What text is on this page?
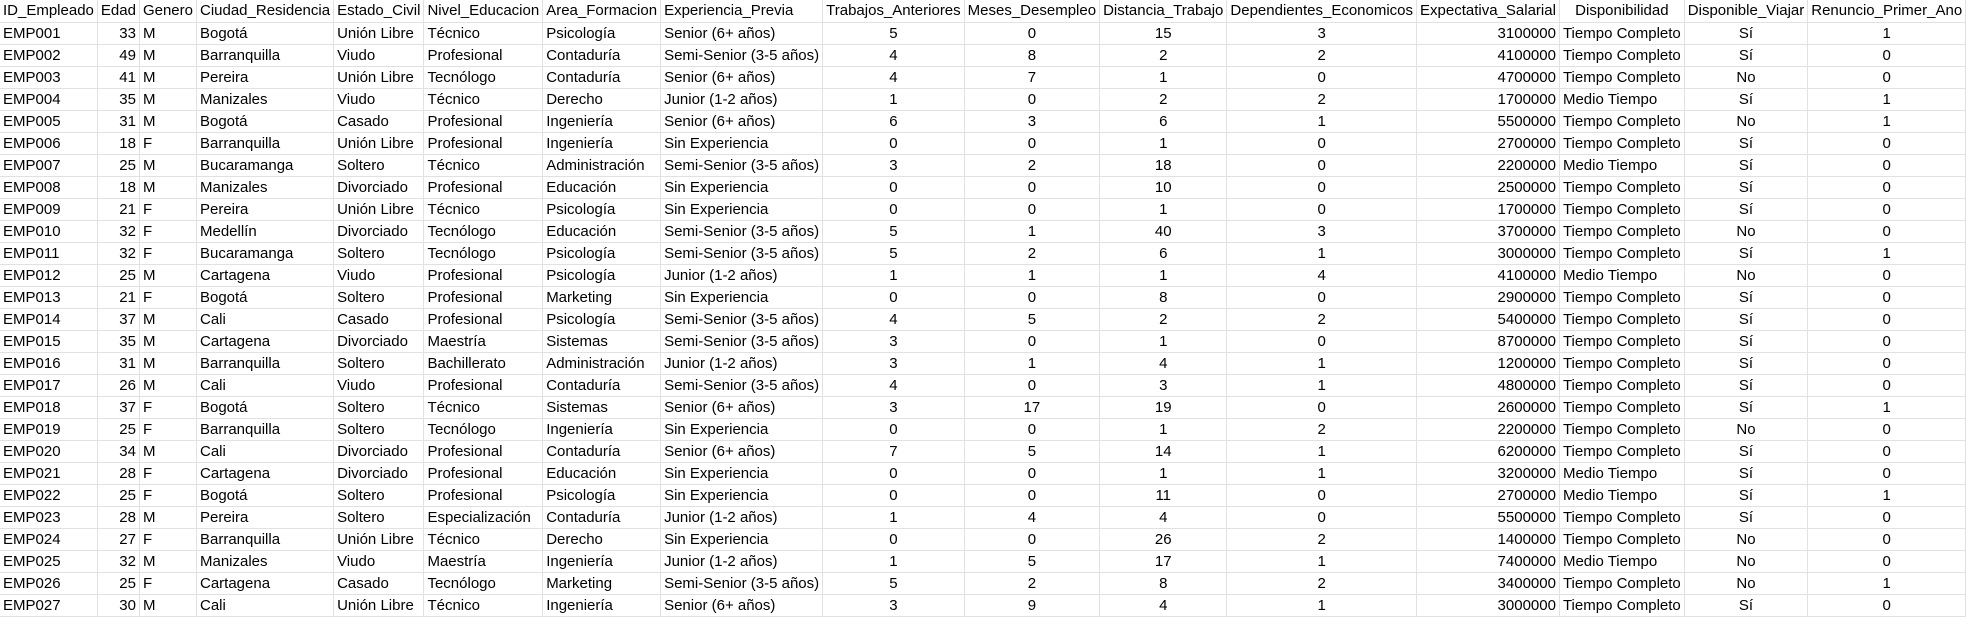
ID_Empleado	Edad	Genero	Ciudad_Residencia	Estado_Civil	Nivel_Educacion	Area_Formacion	Experiencia_Previa	Trabajos_Anteriores	Meses_Desempleo	Distancia_Trabajo	Dependientes_Economicos	Expectativa_Salarial	Disponibilidad	Disponible_Viajar	Renuncio_Primer_Ano
EMP001	33	M	Bogotá	Unión Libre	Técnico	Psicología	Senior (6+ años)	5	0	15	3	3100000	Tiempo Completo	Sí	1
EMP002	49	M	Barranquilla	Viudo	Profesional	Contaduría	Semi-Senior (3-5 años)	4	8	2	2	4100000	Tiempo Completo	Sí	0
EMP003	41	M	Pereira	Unión Libre	Tecnólogo	Contaduría	Senior (6+ años)	4	7	1	0	4700000	Tiempo Completo	No	0
EMP004	35	M	Manizales	Viudo	Técnico	Derecho	Junior (1-2 años)	1	0	2	2	1700000	Medio Tiempo	Sí	1
EMP005	31	M	Bogotá	Casado	Profesional	Ingeniería	Senior (6+ años)	6	3	6	1	5500000	Tiempo Completo	No	1
EMP006	18	F	Barranquilla	Unión Libre	Profesional	Ingeniería	Sin Experiencia	0	0	1	0	2700000	Tiempo Completo	Sí	0
EMP007	25	M	Bucaramanga	Soltero	Técnico	Administración	Semi-Senior (3-5 años)	3	2	18	0	2200000	Medio Tiempo	Sí	0
EMP008	18	M	Manizales	Divorciado	Profesional	Educación	Sin Experiencia	0	0	10	0	2500000	Tiempo Completo	Sí	0
EMP009	21	F	Pereira	Unión Libre	Técnico	Psicología	Sin Experiencia	0	0	1	0	1700000	Tiempo Completo	Sí	0
EMP010	32	F	Medellín	Divorciado	Tecnólogo	Educación	Semi-Senior (3-5 años)	5	1	40	3	3700000	Tiempo Completo	No	0
EMP011	32	F	Bucaramanga	Soltero	Tecnólogo	Psicología	Semi-Senior (3-5 años)	5	2	6	1	3000000	Tiempo Completo	Sí	1
EMP012	25	M	Cartagena	Viudo	Profesional	Psicología	Junior (1-2 años)	1	1	1	4	4100000	Medio Tiempo	No	0
EMP013	21	F	Bogotá	Soltero	Profesional	Marketing	Sin Experiencia	0	0	8	0	2900000	Tiempo Completo	Sí	0
EMP014	37	M	Cali	Casado	Profesional	Psicología	Semi-Senior (3-5 años)	4	5	2	2	5400000	Tiempo Completo	Sí	0
EMP015	35	M	Cartagena	Divorciado	Maestría	Sistemas	Semi-Senior (3-5 años)	3	0	1	0	8700000	Tiempo Completo	Sí	0
EMP016	31	M	Barranquilla	Soltero	Bachillerato	Administración	Junior (1-2 años)	3	1	4	1	1200000	Tiempo Completo	Sí	0
EMP017	26	M	Cali	Viudo	Profesional	Contaduría	Semi-Senior (3-5 años)	4	0	3	1	4800000	Tiempo Completo	Sí	0
EMP018	37	F	Bogotá	Soltero	Técnico	Sistemas	Senior (6+ años)	3	17	19	0	2600000	Tiempo Completo	Sí	1
EMP019	25	F	Barranquilla	Soltero	Tecnólogo	Ingeniería	Sin Experiencia	0	0	1	2	2200000	Tiempo Completo	No	0
EMP020	34	M	Cali	Divorciado	Profesional	Contaduría	Senior (6+ años)	7	5	14	1	6200000	Tiempo Completo	Sí	0
EMP021	28	F	Cartagena	Divorciado	Profesional	Educación	Sin Experiencia	0	0	1	1	3200000	Medio Tiempo	Sí	0
EMP022	25	F	Bogotá	Soltero	Profesional	Psicología	Sin Experiencia	0	0	11	0	2700000	Medio Tiempo	Sí	1
EMP023	28	M	Pereira	Soltero	Especialización	Contaduría	Junior (1-2 años)	1	4	4	0	5500000	Tiempo Completo	Sí	0
EMP024	27	F	Barranquilla	Unión Libre	Técnico	Derecho	Sin Experiencia	0	0	26	2	1400000	Tiempo Completo	No	0
EMP025	32	M	Manizales	Viudo	Maestría	Ingeniería	Junior (1-2 años)	1	5	17	1	7400000	Medio Tiempo	No	0
EMP026	25	F	Cartagena	Casado	Tecnólogo	Marketing	Semi-Senior (3-5 años)	5	2	8	2	3400000	Tiempo Completo	No	1
EMP027	30	M	Cali	Unión Libre	Técnico	Ingeniería	Senior (6+ años)	3	9	4	1	3000000	Tiempo Completo	Sí	0
